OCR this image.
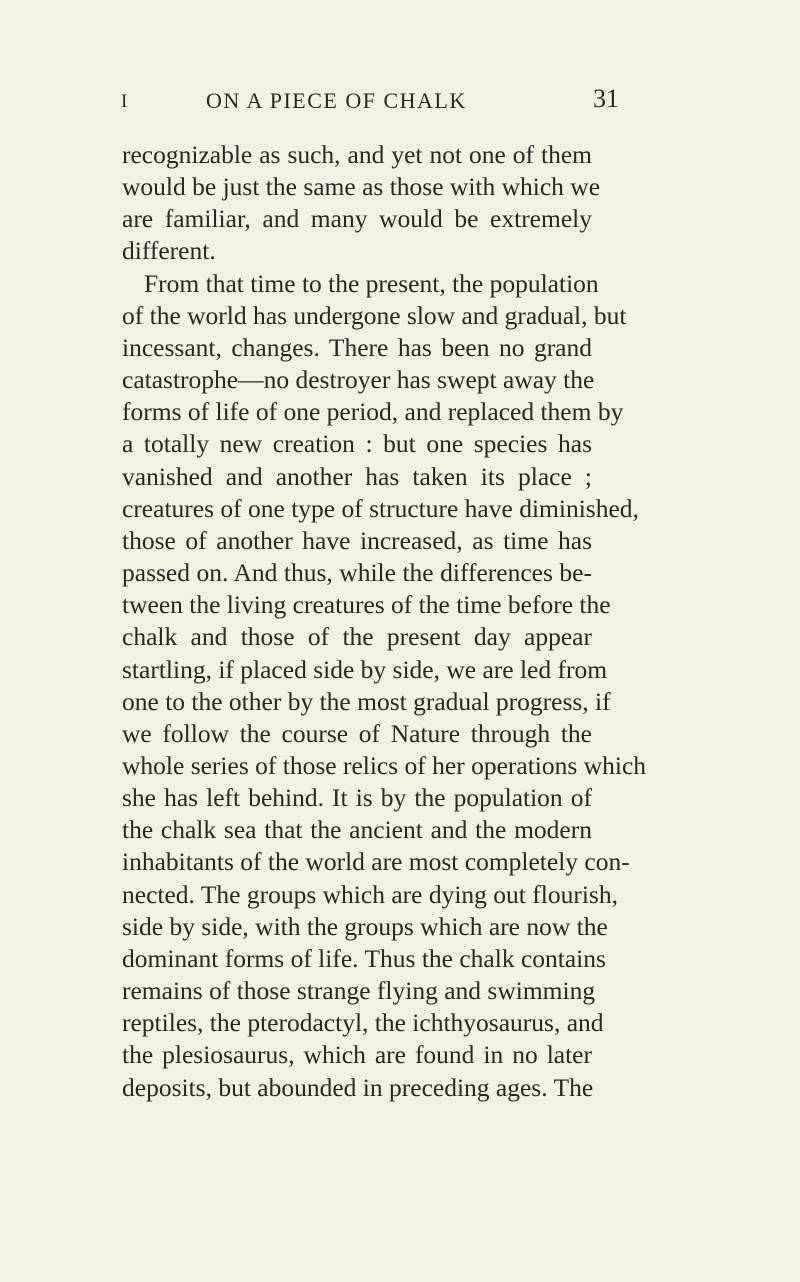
I	ON A PIECE OF CHALK	31
recognizable as such, and yet not one of them
would be just the same as those with which we
are familiar, and many would be extremely
different.
From that time to the present, the population
of the world has undergone slow and gradual, but
incessant, changes. There has been no grand
catastrophe—no destroyer has swept away the
forms of life of one period, and replaced them by
a totally new creation : but one species has
vanished and another has taken its place ;
creatures of one type of structure have diminished,
those of another have increased, as time has
passed on. And thus, while the differences be-
tween the living creatures of the time before the
chalk and those of the present day appear
startling, if placed side by side, we are led from
one to the other by the most gradual progress, if
we follow the course of Nature through the
whole series of those relics of her operations which
she has left behind. It is by the population of
the chalk sea that the ancient and the modern
inhabitants of the world are most completely con-
nected. The groups which are dying out flourish,
side by side, with the groups which are now the
dominant forms of life. Thus the chalk contains
remains of those strange flying and swimming
reptiles, the pterodactyl, the ichthyosaurus, and
the plesiosaurus, which are found in no later
deposits, but abounded in preceding ages. The
